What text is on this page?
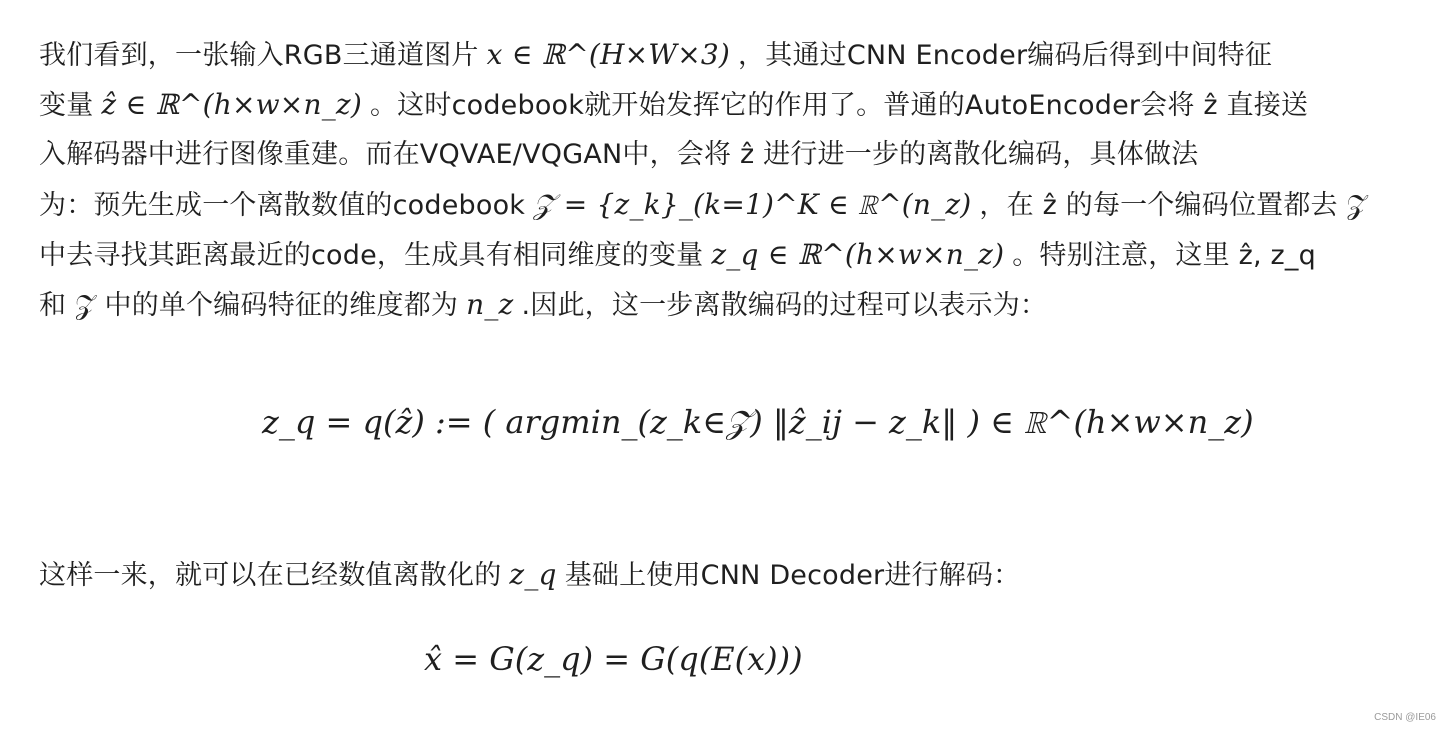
我们看到，一张输入RGB三通道图片 x ∈ ℝ^(H×W×3) ，其通过CNN Encoder编码后得到中间特征
变量 ẑ ∈ ℝ^(h×w×n_z) 。这时codebook就开始发挥它的作用了。普通的AutoEncoder会将 ẑ 直接送
入解码器中进行图像重建。而在VQVAE/VQGAN中，会将 ẑ 进行进一步的离散化编码，具体做法
为：预先生成一个离散数值的codebook 𝒵 = {z_k}_(k=1)^K ∈ ℝ^(n_z) ，在 ẑ 的每一个编码位置都去 𝒵
中去寻找其距离最近的code，生成具有相同维度的变量 z_q ∈ ℝ^(h×w×n_z) 。特别注意，这里 ẑ, z_q
和 𝒵 中的单个编码特征的维度都为 n_z .因此，这一步离散编码的过程可以表示为：
z_q = q(ẑ) := ( argmin_(z_k∈𝒵) ‖ẑ_ij − z_k‖ ) ∈ ℝ^(h×w×n_z)
这样一来，就可以在已经数值离散化的 z_q 基础上使用CNN Decoder进行解码：
x̂ = G(z_q) = G(q(E(x)))
CSDN @IE06
